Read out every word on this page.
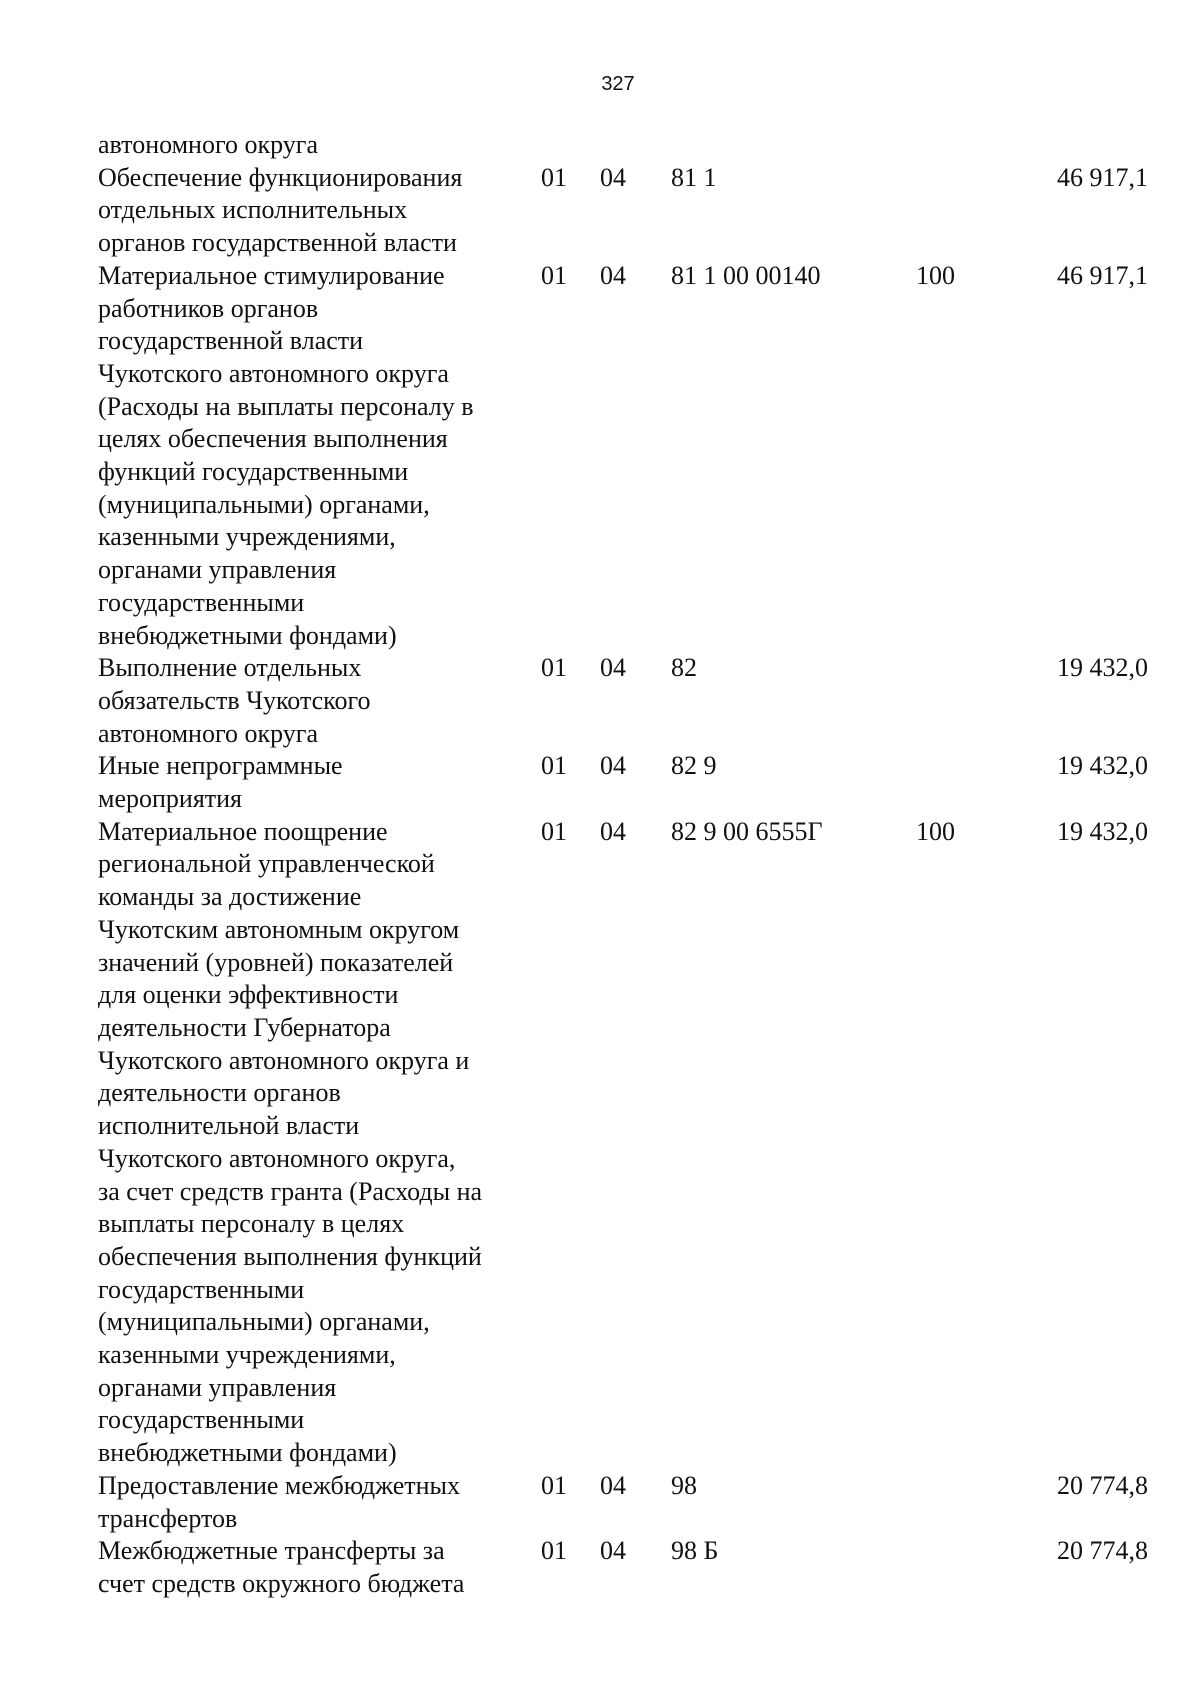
327
автономного округа
Обеспечение функционирования
отдельных исполнительных
органов государственной власти
01 04 81 1	46 917,1
Материальное стимулирование
работников органов
государственной власти
Чукотского автономного округа
(Расходы на выплаты персоналу в
целях обеспечения выполнения
функций государственными
(муниципальными) органами,
казенными учреждениями,
органами управления
государственными
внебюджетными фондами)
01 04 81 1 00 00140	100	46 917,1
Выполнение отдельных
обязательств Чукотского
автономного округа
01 04 82	19 432,0
Иные непрограммные
мероприятия
01 04 82 9	19 432,0
Материальное поощрение
региональной управленческой
команды за достижение
Чукотским автономным округом
значений (уровней) показателей
для оценки эффективности
деятельности Губернатора
Чукотского автономного округа и
деятельности органов
исполнительной власти
Чукотского автономного округа,
за счет средств гранта (Расходы на
выплаты персоналу в целях
обеспечения выполнения функций
государственными
(муниципальными) органами,
казенными учреждениями,
органами управления
государственными
внебюджетными фондами)
01 04 82 9 00 6555Г	100	19 432,0
Предоставление межбюджетных
трансфертов
01 04 98	20 774,8
Межбюджетные трансферты за
счет средств окружного бюджета
01 04 98 Б	20 774,8
